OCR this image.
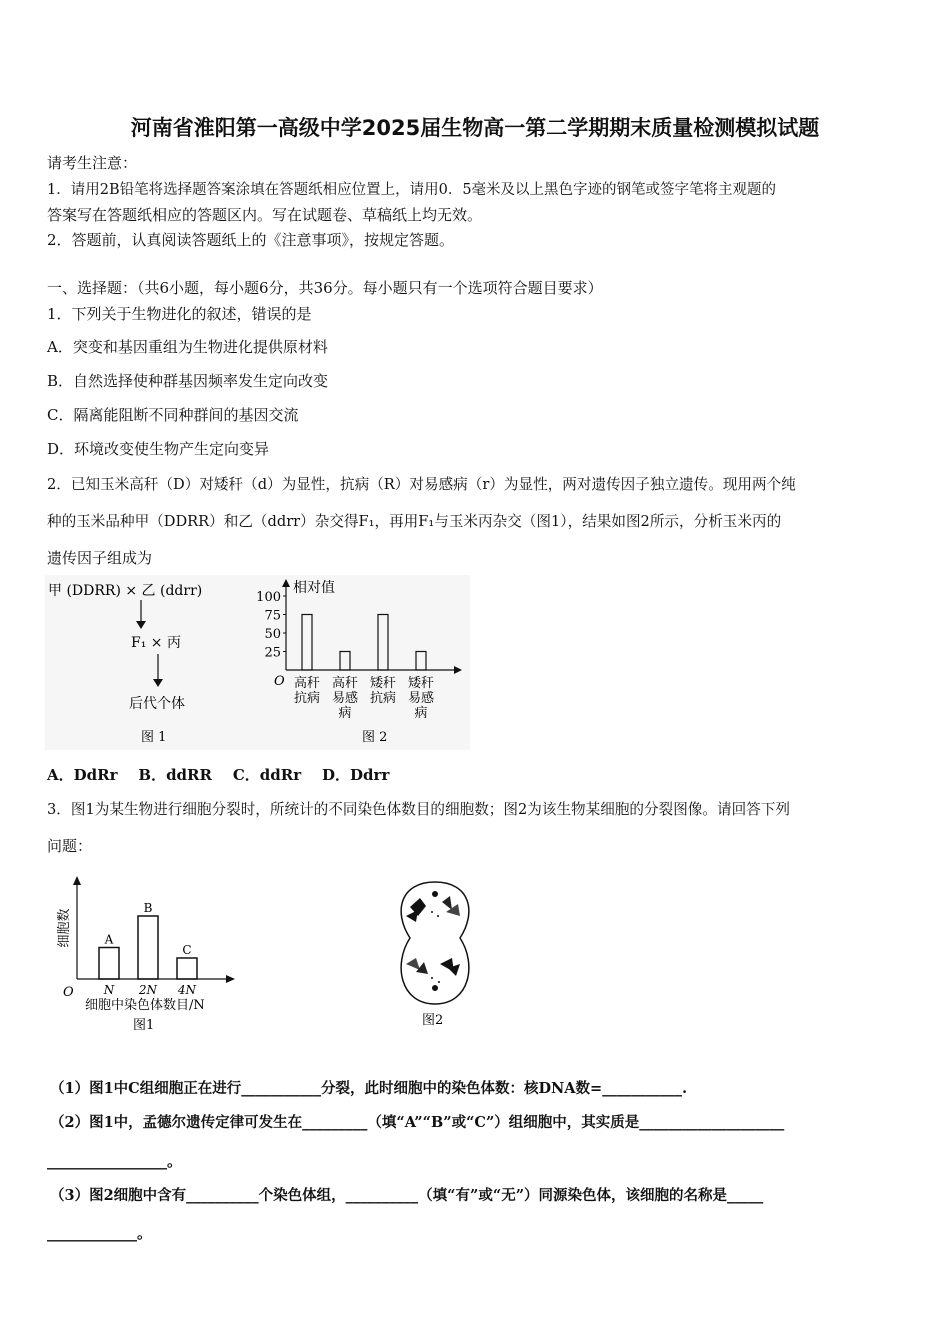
河南省淮阳第一高级中学2025届生物高一第二学期期末质量检测模拟试题
请考生注意：
1．请用2B铅笔将选择题答案涂填在答题纸相应位置上，请用0．5毫米及以上黑色字迹的钢笔或签字笔将主观题的
答案写在答题纸相应的答题区内。写在试题卷、草稿纸上均无效。
2．答题前，认真阅读答题纸上的《注意事项》，按规定答题。
一、选择题：（共6小题，每小题6分，共36分。每小题只有一个选项符合题目要求）
1．下列关于生物进化的叙述，错误的是
A．突变和基因重组为生物进化提供原材料
B．自然选择使种群基因频率发生定向改变
C．隔离能阻断不同种群间的基因交流
D．环境改变使生物产生定向变异
2．已知玉米高秆（D）对矮秆（d）为显性，抗病（R）对易感病（r）为显性，两对遗传因子独立遗传。现用两个纯
种的玉米品种甲（DDRR）和乙（ddrr）杂交得F₁，再用F₁与玉米丙杂交（图1），结果如图2所示，分析玉米丙的
遗传因子组成为
甲 (DDRR) × 乙 (ddrr)
F₁ × 丙
后代个体
图 1
相对值
O
25
50
75
100
高秆
抗病
高秆
易感
病
矮秆
抗病
矮秆
易感
病
图 2
A．DdRr    B．ddRR    C．ddRr    D．Ddrr
3．图1为某生物进行细胞分裂时，所统计的不同染色体数目的细胞数；图2为该生物某细胞的分裂图像。请回答下列
问题：
细胞数
O
A
N
B
2N
C
4N
细胞中染色体数目/N
图1	图2
（1）图1中C组细胞正在进行___________分裂，此时细胞中的染色体数：核DNA数=___________.
（2）图1中，孟德尔遗传定律可发生在_________（填“A”“B”或“C”）组细胞中，其实质是____________________
________________。
（3）图2细胞中含有__________个染色体组，__________（填“有”或“无”）同源染色体，该细胞的名称是_____
____________。
